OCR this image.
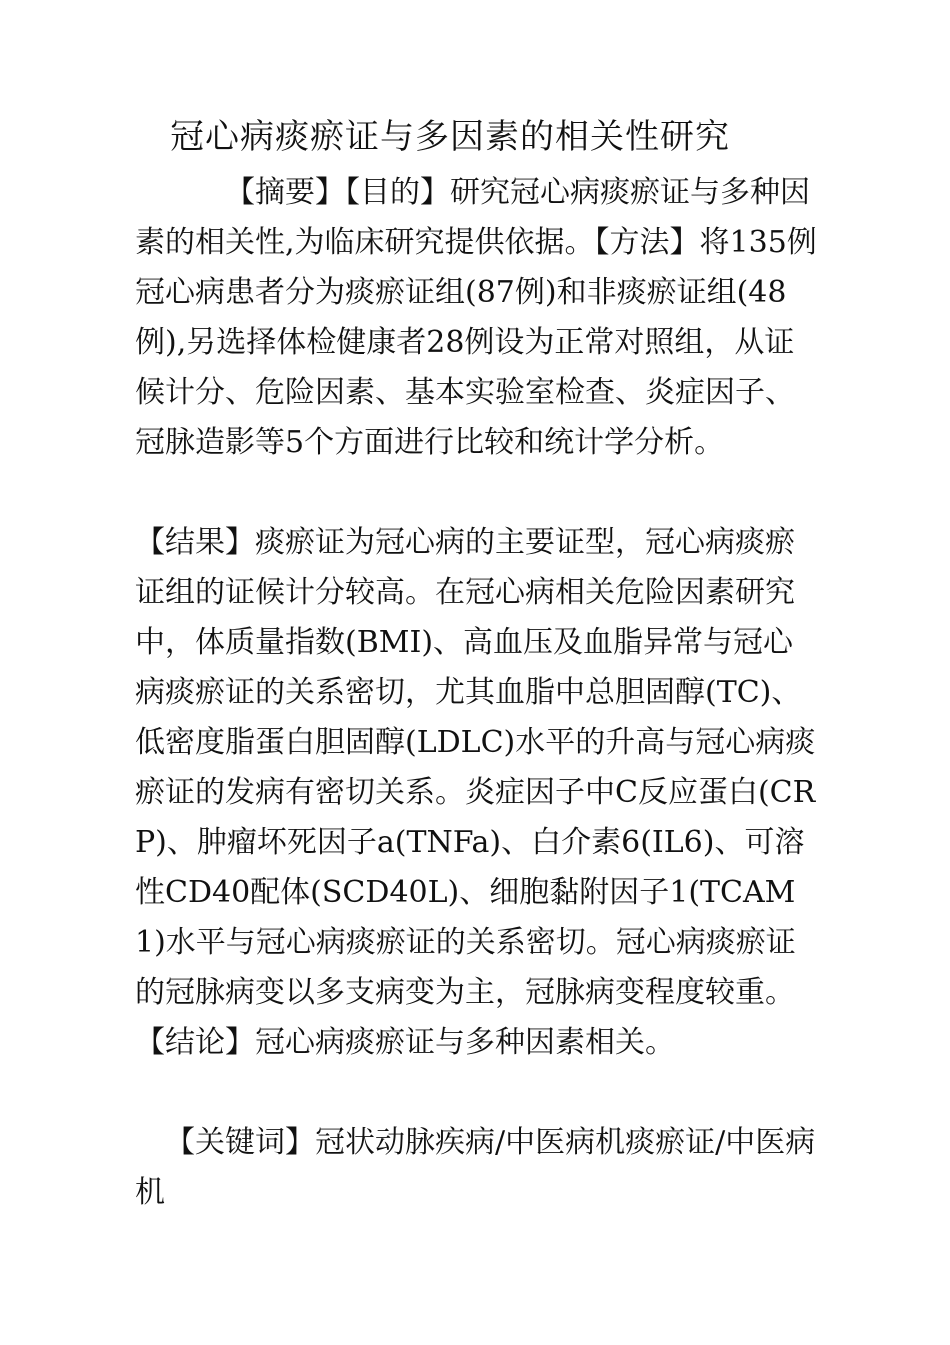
冠心病痰瘀证与多因素的相关性研究

【摘要】【目的】研究冠心病痰瘀证与多种因素的相关性,为临床研究提供依据。【方法】将135例冠心病患者分为痰瘀证组(87例)和非痰瘀证组(48例),另选择体检健康者28例设为正常对照组，从证候计分、危险因素、基本实验室检查、炎症因子、冠脉造影等5个方面进行比较和统计学分析。

【结果】痰瘀证为冠心病的主要证型，冠心病痰瘀证组的证候计分较高。在冠心病相关危险因素研究中，体质量指数(BMI)、高血压及血脂异常与冠心病痰瘀证的关系密切，尤其血脂中总胆固醇(TC)、低密度脂蛋白胆固醇(LDLC)水平的升高与冠心病痰瘀证的发病有密切关系。炎症因子中C反应蛋白(CRP)、肿瘤坏死因子a(TNFa)、白介素6(IL6)、可溶性CD40配体(SCD40L)、细胞黏附因子1(TCAM1)水平与冠心病痰瘀证的关系密切。冠心病痰瘀证的冠脉病变以多支病变为主，冠脉病变程度较重。【结论】冠心病痰瘀证与多种因素相关。

【关键词】冠状动脉疾病/中医病机痰瘀证/中医病机
